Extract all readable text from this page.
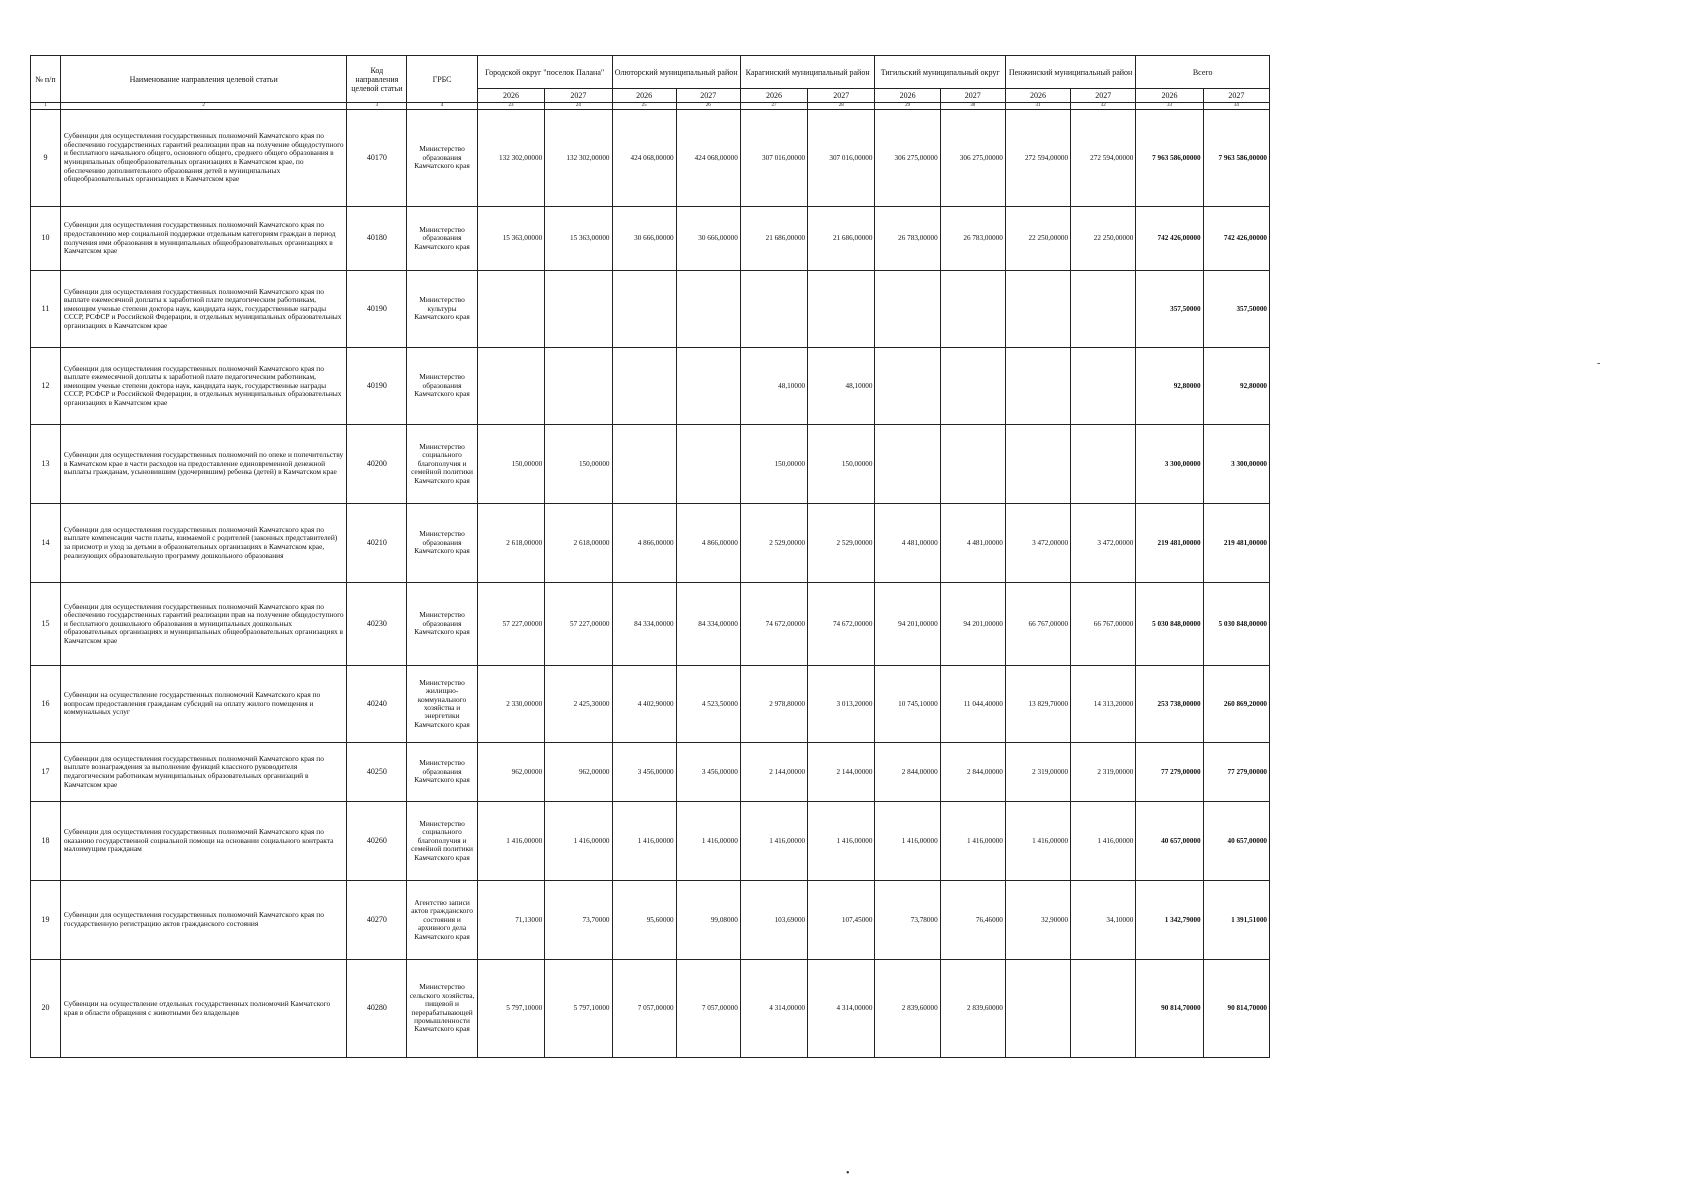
№ п/п	Наименование направления целевой статьи	Код направления целевой статьи	ГРБС	Городской округ "поселок Палана"		Олюторский муниципальный район		Карагинский муниципальный район		Тигильский муниципальный округ		Пенжинский муниципальный район		Всего	
				2026	2027	2026	2027	2026	2027	2026	2027	2026	2027	2026	2027
1	2	3	4	23	24	25	26	27	28	29	30	31	32	33	34
9	Субвенции для осуществления государственных полномочий Камчатского края по обеспечению государственных гарантий реализации прав на получение общедоступного и бесплатного начального общего, основного общего, среднего общего образования в муниципальных общеобразовательных организациях в Камчатском крае, по обеспечению дополнительного образования детей в муниципальных общеобразовательных организациях в Камчатском крае	40170	Министерство образования Камчатского края	132 302,00000	132 302,00000	424 068,00000	424 068,00000	307 016,00000	307 016,00000	306 275,00000	306 275,00000	272 594,00000	272 594,00000	7 963 586,00000	7 963 586,00000
10	Субвенции для осуществления государственных полномочий Камчатского края по предоставлению мер социальной поддержки отдельным категориям граждан в период получения ими образования в муниципальных общеобразовательных организациях в Камчатском крае	40180	Министерство образования Камчатского края	15 363,00000	15 363,00000	30 666,00000	30 666,00000	21 686,00000	21 686,00000	26 783,00000	26 783,00000	22 250,00000	22 250,00000	742 426,00000	742 426,00000
11	Субвенции для осуществления государственных полномочий Камчатского края по выплате ежемесячной доплаты к заработной плате педагогическим работникам, имеющим ученые степени доктора наук, кандидата наук, государственные награды СССР, РСФСР и Российской Федерации, в отдельных муниципальных образовательных организациях в Камчатском крае	40190	Министерство культуры Камчатского края											357,50000	357,50000
12	Субвенции для осуществления государственных полномочий Камчатского края по выплате ежемесячной доплаты к заработной плате педагогическим работникам, имеющим ученые степени доктора наук, кандидата наук, государственные награды СССР, РСФСР и Российской Федерации, в отдельных муниципальных образовательных организациях в Камчатском крае	40190	Министерство образования Камчатского края					48,10000	48,10000					92,80000	92,80000
13	Субвенции для осуществления государственных полномочий по опеке и попечительству в Камчатском крае в части расходов на предоставление единовременной денежной выплаты гражданам, усыновившим (удочерившим) ребенка (детей) в Камчатском крае	40200	Министерство социального благополучия и семейной политики Камчатского края	150,00000	150,00000			150,00000	150,00000					3 300,00000	3 300,00000
14	Субвенции для осуществления государственных полномочий Камчатского края по выплате компенсации части платы, взимаемой с родителей (законных представителей) за присмотр и уход за детьми в образовательных организациях в Камчатском крае, реализующих образовательную программу дошкольного образования	40210	Министерство образования Камчатского края	2 618,00000	2 618,00000	4 866,00000	4 866,00000	2 529,00000	2 529,00000	4 481,00000	4 481,00000	3 472,00000	3 472,00000	219 481,00000	219 481,00000
15	Субвенции для осуществления государственных полномочий Камчатского края по обеспечению государственных гарантий реализации прав на получение общедоступного и бесплатного дошкольного образования в муниципальных дошкольных образовательных организациях и муниципальных общеобразовательных организациях в Камчатском крае	40230	Министерство образования Камчатского края	57 227,00000	57 227,00000	84 334,00000	84 334,00000	74 672,00000	74 672,00000	94 201,00000	94 201,00000	66 767,00000	66 767,00000	5 030 848,00000	5 030 848,00000
16	Субвенции на осуществление государственных полномочий Камчатского края по вопросам предоставления гражданам субсидий на оплату жилого помещения и коммунальных услуг	40240	Министерство жилищно-коммунального хозяйства и энергетики Камчатского края	2 330,00000	2 425,30000	4 402,90000	4 523,50000	2 978,80000	3 013,20000	10 745,10000	11 044,40000	13 829,70000	14 313,20000	253 738,00000	260 869,20000
17	Субвенции для осуществления государственных полномочий Камчатского края по выплате вознаграждения за выполнение функций классного руководителя педагогическим работникам муниципальных образовательных организаций в Камчатском крае	40250	Министерство образования Камчатского края	962,00000	962,00000	3 456,00000	3 456,00000	2 144,00000	2 144,00000	2 844,00000	2 844,00000	2 319,00000	2 319,00000	77 279,00000	77 279,00000
18	Субвенции для осуществления государственных полномочий Камчатского края по оказанию государственной социальной помощи на основании социального контракта малоимущим гражданам	40260	Министерство социального благополучия и семейной политики Камчатского края	1 416,00000	1 416,00000	1 416,00000	1 416,00000	1 416,00000	1 416,00000	1 416,00000	1 416,00000	1 416,00000	1 416,00000	40 657,00000	40 657,00000
19	Субвенции для осуществления государственных полномочий Камчатского края по государственную регистрацию актов гражданского состояния	40270	Агентство записи актов гражданского состояния и архивного дела Камчатского края	71,13000	73,70000	95,60000	99,08000	103,69000	107,45000	73,78000	76,46000	32,90000	34,10000	1 342,79000	1 391,51000
20	Субвенции на осуществление отдельных государственных полномочий Камчатского края в области обращения с животными без владельцев	40280	Министерство сельского хозяйства, пищевой и перерабатывающей промышленности Камчатского края	5 797,10000	5 797,10000	7 057,00000	7 057,00000	4 314,00000	4 314,00000	2 839,60000	2 839,60000			90 814,70000	90 814,70000
-
•
